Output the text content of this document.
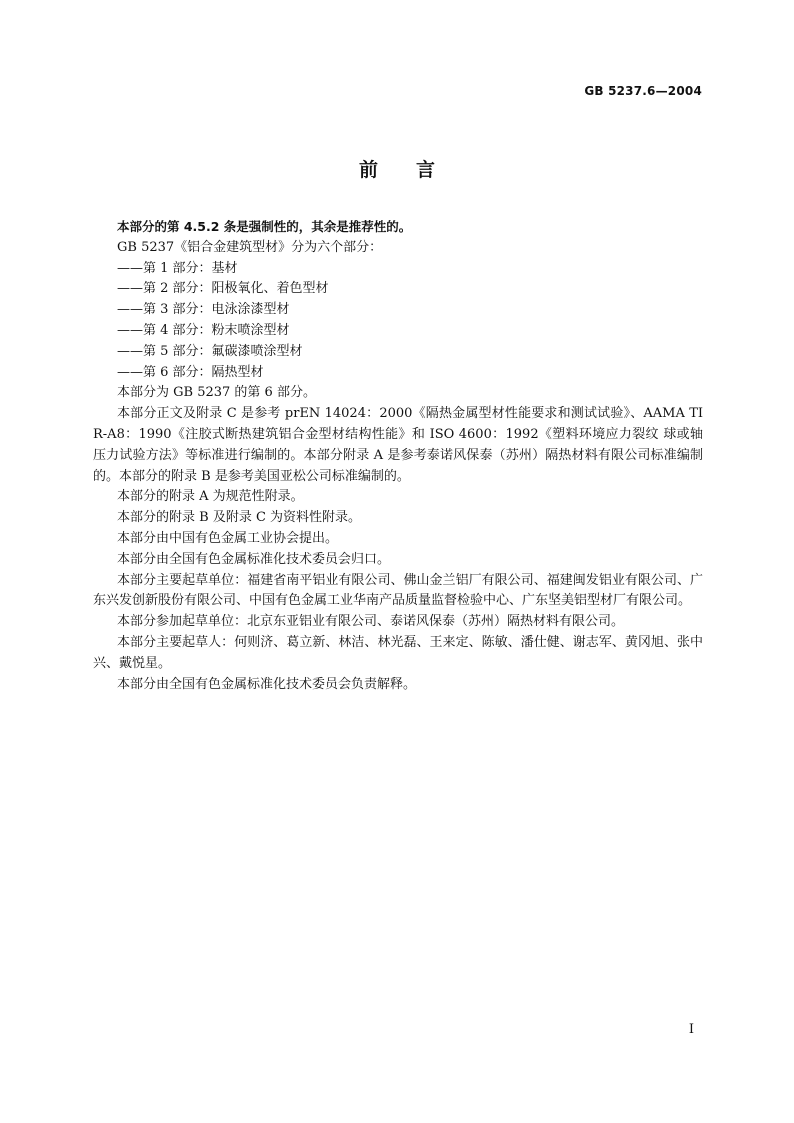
GB 5237.6—2004
前言

本部分的第 4.5.2 条是强制性的，其余是推荐性的。

GB 5237《铝合金建筑型材》分为六个部分：

——第 1 部分：基材

——第 2 部分：阳极氧化、着色型材

——第 3 部分：电泳涂漆型材

——第 4 部分：粉末喷涂型材

——第 5 部分：氟碳漆喷涂型材

——第 6 部分：隔热型材

本部分为 GB 5237 的第 6 部分。

本部分正文及附录 C 是参考 prEN 14024：2000《隔热金属型材性能要求和测试试验》、AAMA TIR-A8：1990《注胶式断热建筑铝合金型材结构性能》和 ISO 4600：1992《塑料环境应力裂纹 球或轴压力试验方法》等标准进行编制的。本部分附录 A 是参考泰诺风保泰（苏州）隔热材料有限公司标准编制的。本部分的附录 B 是参考美国亚松公司标准编制的。

本部分的附录 A 为规范性附录。

本部分的附录 B 及附录 C 为资料性附录。

本部分由中国有色金属工业协会提出。

本部分由全国有色金属标准化技术委员会归口。

本部分主要起草单位：福建省南平铝业有限公司、佛山金兰铝厂有限公司、福建闽发铝业有限公司、广东兴发创新股份有限公司、中国有色金属工业华南产品质量监督检验中心、广东坚美铝型材厂有限公司。

本部分参加起草单位：北京东亚铝业有限公司、泰诺风保泰（苏州）隔热材料有限公司。

本部分主要起草人：何则济、葛立新、林洁、林光磊、王来定、陈敏、潘仕健、谢志军、黄冈旭、张中兴、戴悦星。

本部分由全国有色金属标准化技术委员会负责解释。

I
